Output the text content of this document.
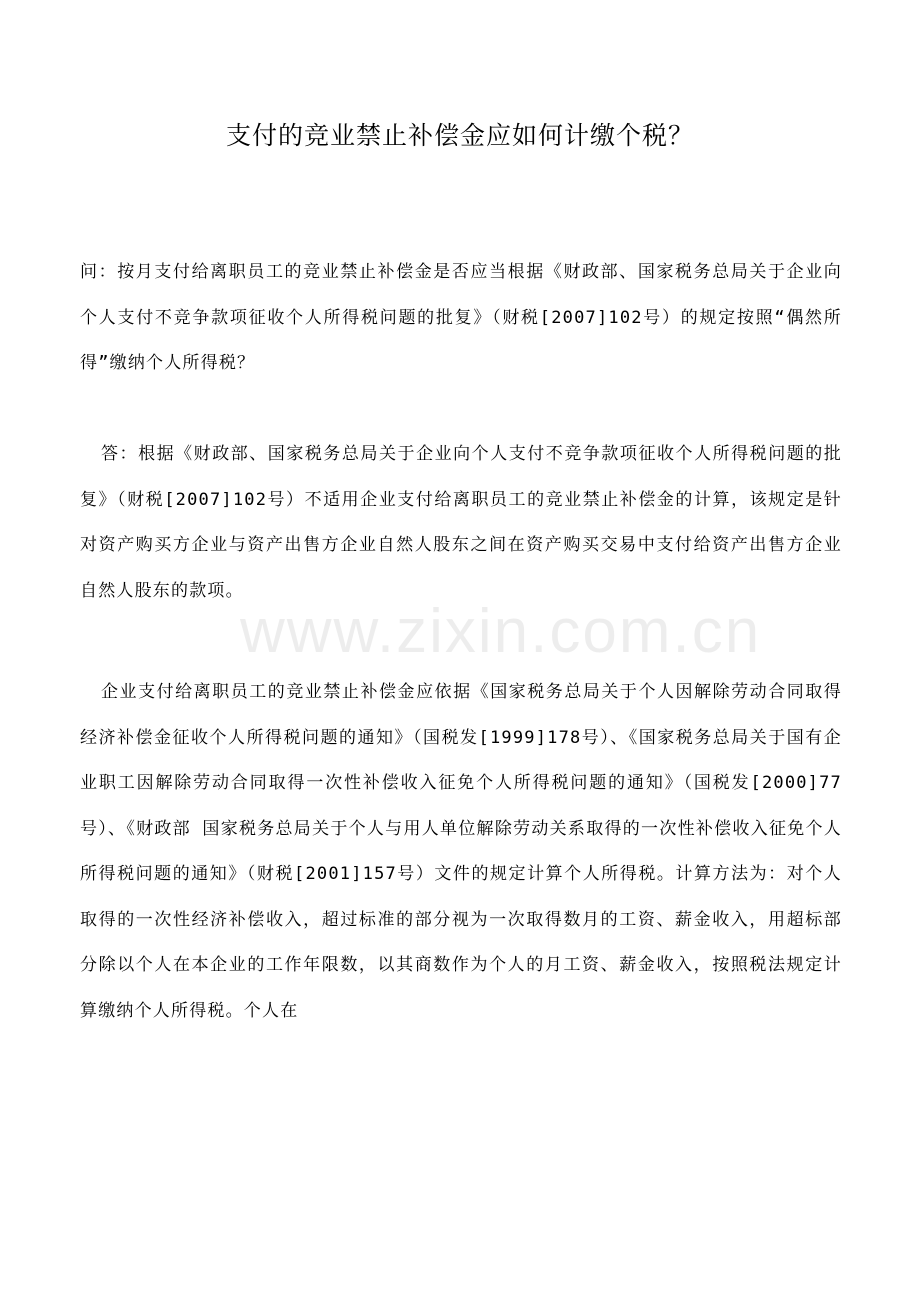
www.zixin.com.cn
支付的竞业禁止补偿金应如何计缴个税？

问：按月支付给离职员工的竞业禁止补偿金是否应当根据《财政部、国家税务总局关于企业向个人支付不竞争款项征收个人所得税问题的批复》（财税[2007]102号）的规定按照“偶然所得”缴纳个人所得税？

答：根据《财政部、国家税务总局关于企业向个人支付不竞争款项征收个人所得税问题的批复》（财税[2007]102号）不适用企业支付给离职员工的竞业禁止补偿金的计算，该规定是针对资产购买方企业与资产出售方企业自然人股东之间在资产购买交易中支付给资产出售方企业自然人股东的款项。

企业支付给离职员工的竞业禁止补偿金应依据《国家税务总局关于个人因解除劳动合同取得经济补偿金征收个人所得税问题的通知》（国税发[1999]178号）、《国家税务总局关于国有企业职工因解除劳动合同取得一次性补偿收入征免个人所得税问题的通知》（国税发[2000]77号）、《财政部 国家税务总局关于个人与用人单位解除劳动关系取得的一次性补偿收入征免个人所得税问题的通知》（财税[2001]157号）文件的规定计算个人所得税。计算方法为：对个人取得的一次性经济补偿收入，超过标准的部分视为一次取得数月的工资、薪金收入，用超标部分除以个人在本企业的工作年限数，以其商数作为个人的月工资、薪金收入，按照税法规定计算缴纳个人所得税。个人在
